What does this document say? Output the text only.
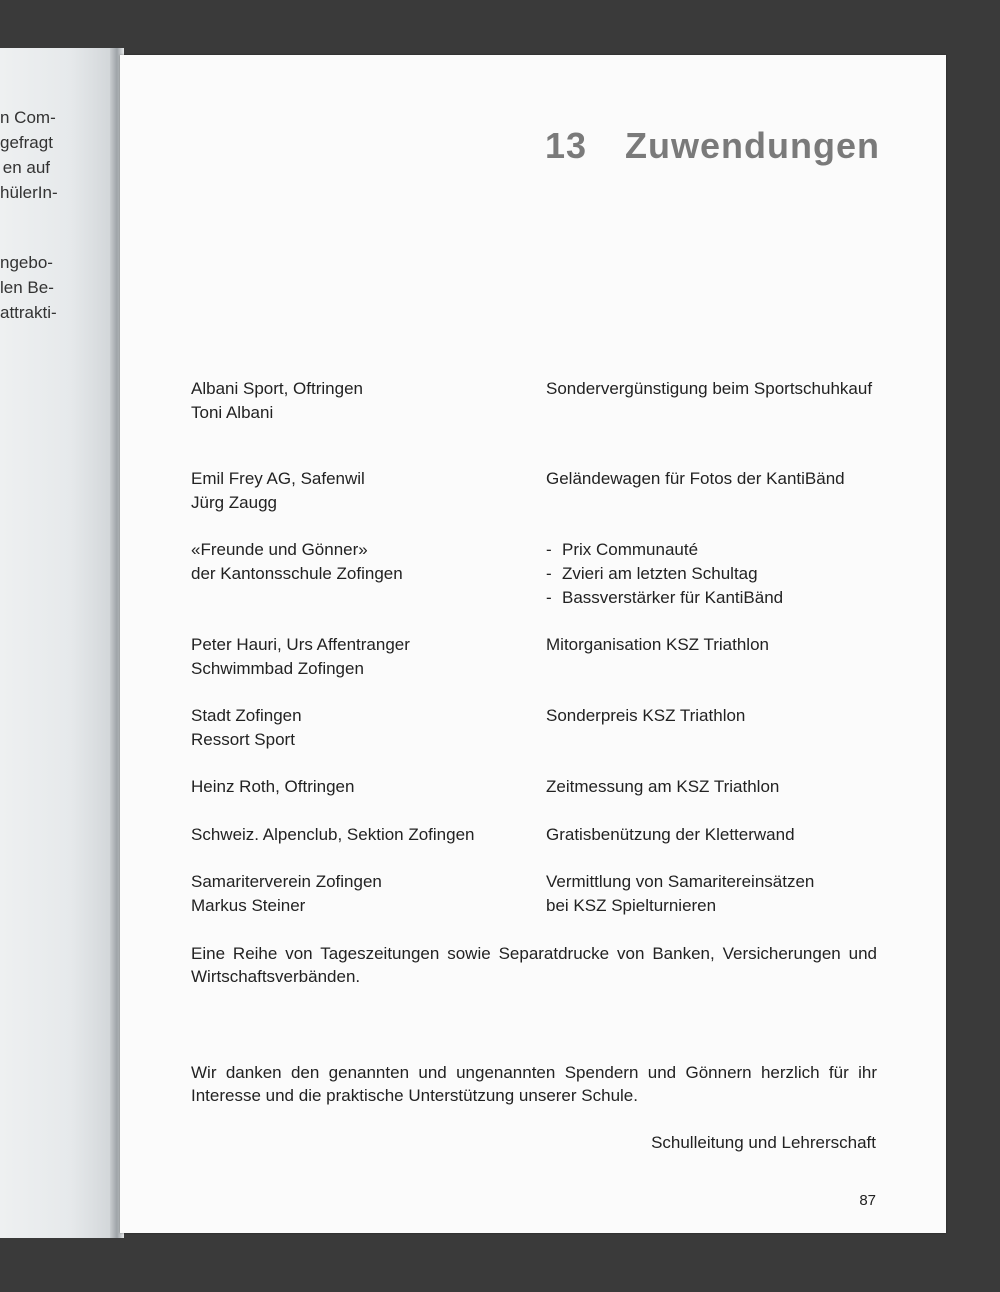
n Com-
gefragt
en auf
hülerIn-
ngebo-
len Be-
attrakti-
13 Zuwendungen
Albani Sport, Oftringen
Toni Albani
Sondervergünstigung beim Sportschuhkauf
Emil Frey AG, Safenwil
Jürg Zaugg
Geländewagen für Fotos der KantiBänd
«Freunde und Gönner»
der Kantonsschule Zofingen
- Prix Communauté
- Zvieri am letzten Schultag
- Bassverstärker für KantiBänd
Peter Hauri, Urs Affentranger
Schwimmbad Zofingen
Mitorganisation KSZ Triathlon
Stadt Zofingen
Ressort Sport
Sonderpreis KSZ Triathlon
Heinz Roth, Oftringen	Zeitmessung am KSZ Triathlon
Schweiz. Alpenclub, Sektion Zofingen	Gratisbenützung der Kletterwand
Samariterverein Zofingen
Markus Steiner
Vermittlung von Samaritereinsätzen
bei KSZ Spielturnieren
Eine Reihe von Tageszeitungen sowie Separatdrucke von Banken, Versicherungen und Wirtschaftsverbänden.
Wir danken den genannten und ungenannten Spendern und Gönnern herzlich für ihr Interesse und die praktische Unterstützung unserer Schule.
Schulleitung und Lehrerschaft
87
